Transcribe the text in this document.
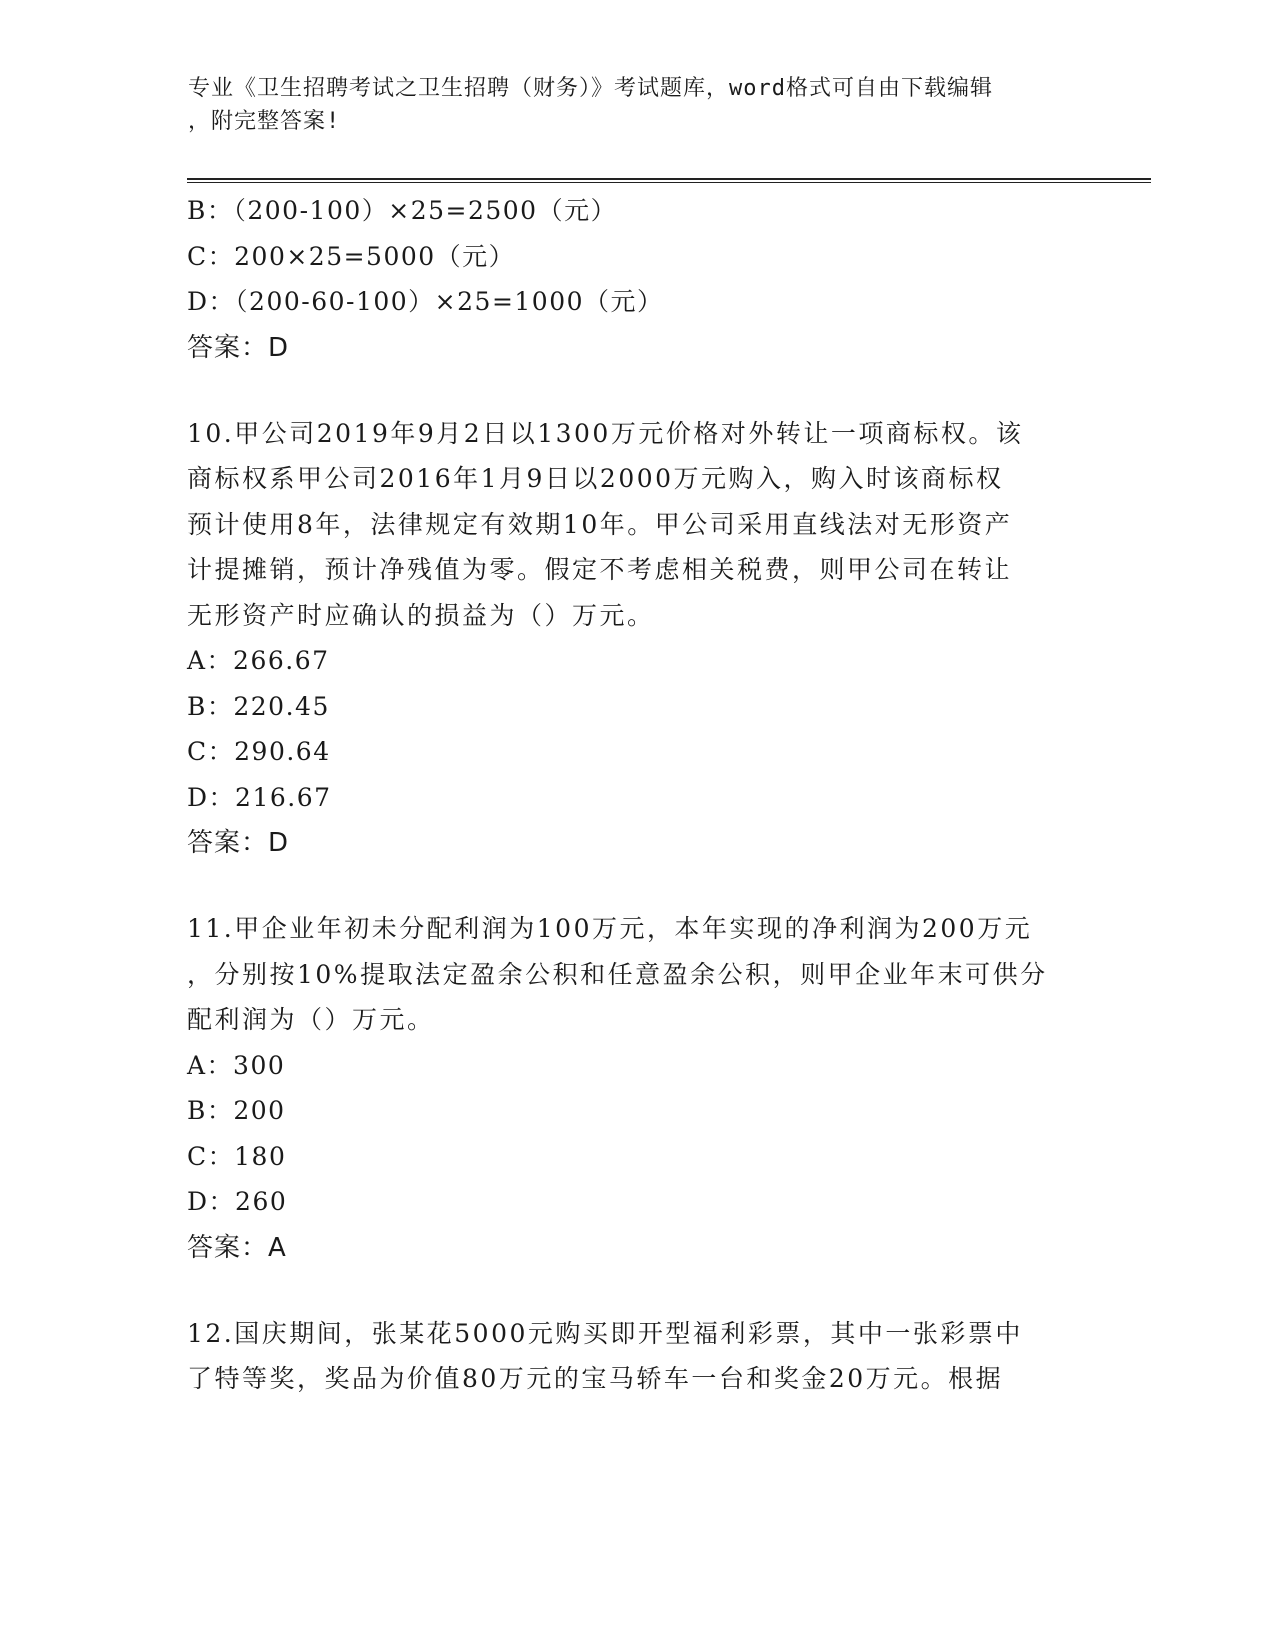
专业《卫生招聘考试之卫生招聘（财务）》考试题库，word格式可自由下载编辑
，附完整答案!

B：（200-100）×25=2500（元）

C：200×25=5000（元）

D：（200-60-100）×25=1000（元）

答案：D

10.甲公司2019年9月2日以1300万元价格对外转让一项商标权。该

商标权系甲公司2016年1月9日以2000万元购入，购入时该商标权

预计使用8年，法律规定有效期10年。甲公司采用直线法对无形资产

计提摊销，预计净残值为零。假定不考虑相关税费，则甲公司在转让

无形资产时应确认的损益为（）万元。

A：266.67

B：220.45

C：290.64

D：216.67

答案：D

11.甲企业年初未分配利润为100万元，本年实现的净利润为200万元

，分别按10%提取法定盈余公积和任意盈余公积，则甲企业年末可供分

配利润为（）万元。

A：300

B：200

C：180

D：260

答案：A

12.国庆期间，张某花5000元购买即开型福利彩票，其中一张彩票中

了特等奖，奖品为价值80万元的宝马轿车一台和奖金20万元。根据
